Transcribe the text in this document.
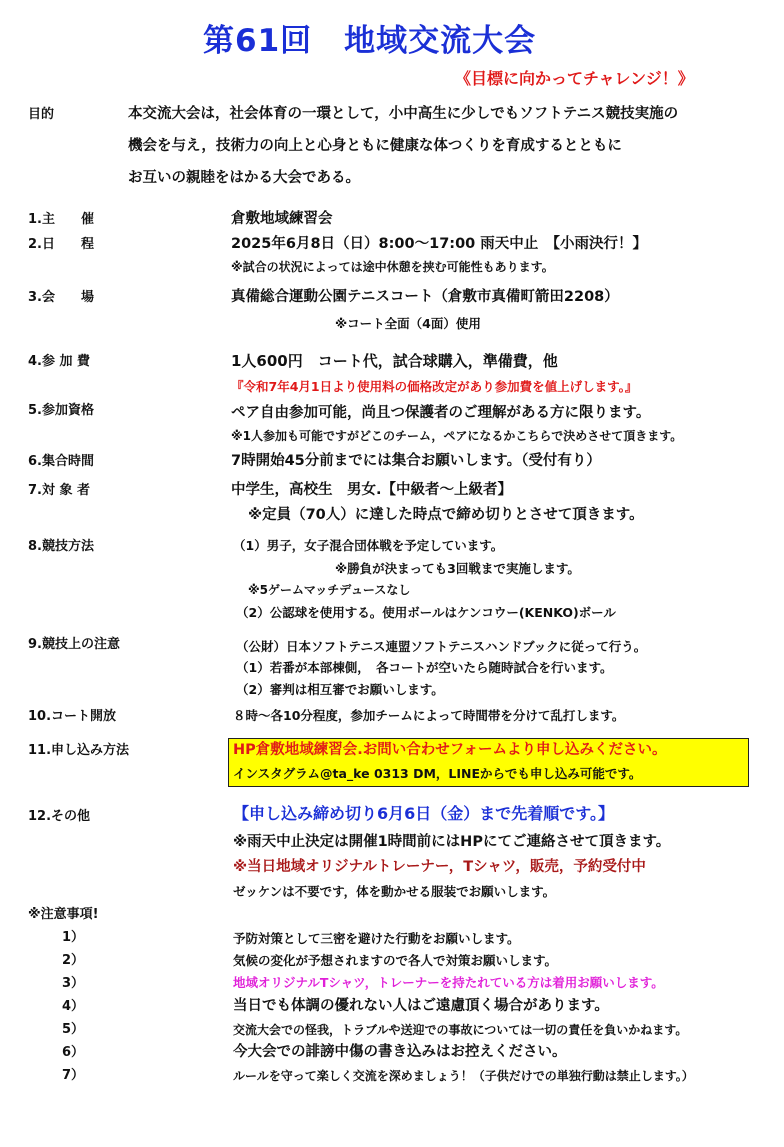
第61回　地域交流大会
《目標に向かってチャレンジ！》
目的	本交流大会は，社会体育の一環として，小中高生に少しでもソフトテニス競技実施の
機会を与え，技術力の向上と心身ともに健康な体つくりを育成するとともに
お互いの親睦をはかる大会である。
1.主　　催	倉敷地域練習会
2.日　　程	2025年6月8日（日）8:00〜17:00 雨天中止　【小雨決行！】
※試合の状況によっては途中休憩を挟む可能性もあります。
3.会　　場	真備総合運動公園テニスコート（倉敷市真備町箭田2208）
※コート全面（4面）使用
4.参 加 費	1人600円　コート代，試合球購入，準備費，他
『令和7年4月1日より使用料の価格改定があり参加費を値上げします。』
5.参加資格	ペア自由参加可能，尚且つ保護者のご理解がある方に限ります。
※1人参加も可能ですがどこのチーム，ペアになるかこちらで決めさせて頂きます。
6.集合時間	7時開始45分前までには集合お願いします。（受付有り）
7.対 象 者	中学生，高校生　男女.【中級者〜上級者】
※定員（70人）に達した時点で締め切りとさせて頂きます。
8.競技方法	（1）男子，女子混合団体戦を予定しています。
※勝負が決まっても3回戦まで実施します。
※5ゲームマッチデュースなし
（2）公認球を使用する。使用ボールはケンコウー(KENKO)ボール
9.競技上の注意	（公財）日本ソフトテニス連盟ソフトテニスハンドブックに従って行う。
（1）若番が本部棟側，　各コートが空いたら随時試合を行います。
（2）審判は相互審でお願いします。
10.コート開放	８時〜各10分程度，参加チームによって時間帯を分けて乱打します。
11.申し込み方法	HP倉敷地域練習会.お問い合わせフォームより申し込みください。
インスタグラム@ta_ke 0313 DM，LINEからでも申し込み可能です。
12.その他	【申し込み締め切り6月6日（金）まで先着順です。】
※雨天中止決定は開催1時間前にはHPにてご連絡させて頂きます。
※当日地域オリジナルトレーナー，Tシャツ，販売，予約受付中
ゼッケンは不要です，体を動かせる服装でお願いします。
※注意事項!
1）	予防対策として三密を避けた行動をお願いします。
2）	気候の変化が予想されますので各人で対策お願いします。
3）	地域オリジナルTシャツ，トレーナーを持たれている方は着用お願いします。
4）	当日でも体調の優れない人はご遠慮頂く場合があります。
5）	交流大会での怪我，トラブルや送迎での事故については一切の責任を負いかねます。
6）	今大会での誹謗中傷の書き込みはお控えください。
7）	ルールを守って楽しく交流を深めましょう！（子供だけでの単独行動は禁止します。）
